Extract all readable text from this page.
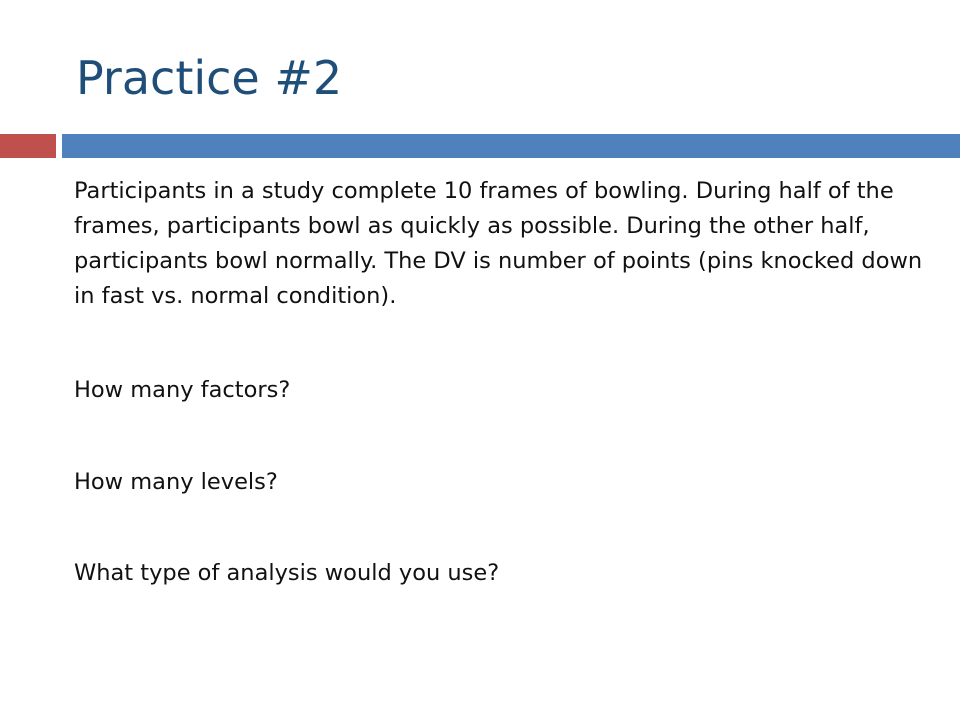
Practice #2

Participants in a study complete 10 frames of bowling. During half of the frames, participants bowl as quickly as possible. During the other half, participants bowl normally. The DV is number of points (pins knocked down in fast vs. normal condition).

How many factors?

How many levels?

What type of analysis would you use?
